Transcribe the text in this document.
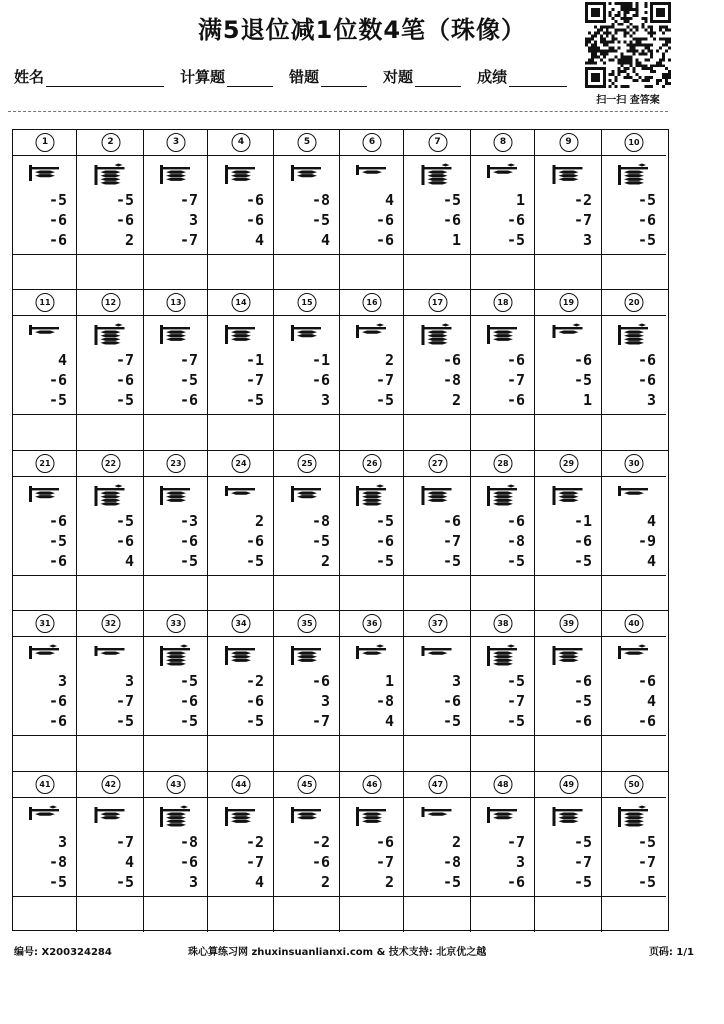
满5退位减1位数4笔（珠像）
扫一扫 查答案
姓名	计算题	错题	对题	成绩
1
-5
-6
-6
2
-5
-6
2
3
-7
3
-7
4
-6
-6
4
5
-8
-5
4
6
4
-6
-6
7
-5
-6
1
8
1
-6
-5
9
-2
-7
3
10
-5
-6
-5
11
4
-6
-5
12
-7
-6
-5
13
-7
-5
-6
14
-1
-7
-5
15
-1
-6
3
16
2
-7
-5
17
-6
-8
2
18
-6
-7
-6
19
-6
-5
1
20
-6
-6
3
21
-6
-5
-6
22
-5
-6
4
23
-3
-6
-5
24
2
-6
-5
25
-8
-5
2
26
-5
-6
-5
27
-6
-7
-5
28
-6
-8
-5
29
-1
-6
-5
30
4
-9
4
31
3
-6
-6
32
3
-7
-5
33
-5
-6
-5
34
-2
-6
-5
35
-6
3
-7
36
1
-8
4
37
3
-6
-5
38
-5
-7
-5
39
-6
-5
-6
40
-6
4
-6
41
3
-8
-5
42
-7
4
-5
43
-8
-6
3
44
-2
-7
4
45
-2
-6
2
46
-6
-7
2
47
2
-8
-5
48
-7
3
-6
49
-5
-7
-5
50
-5
-7
-5
编号: X200324284	珠心算练习网 zhuxinsuanlianxi.com & 技术支持: 北京优之越	页码: 1/1
